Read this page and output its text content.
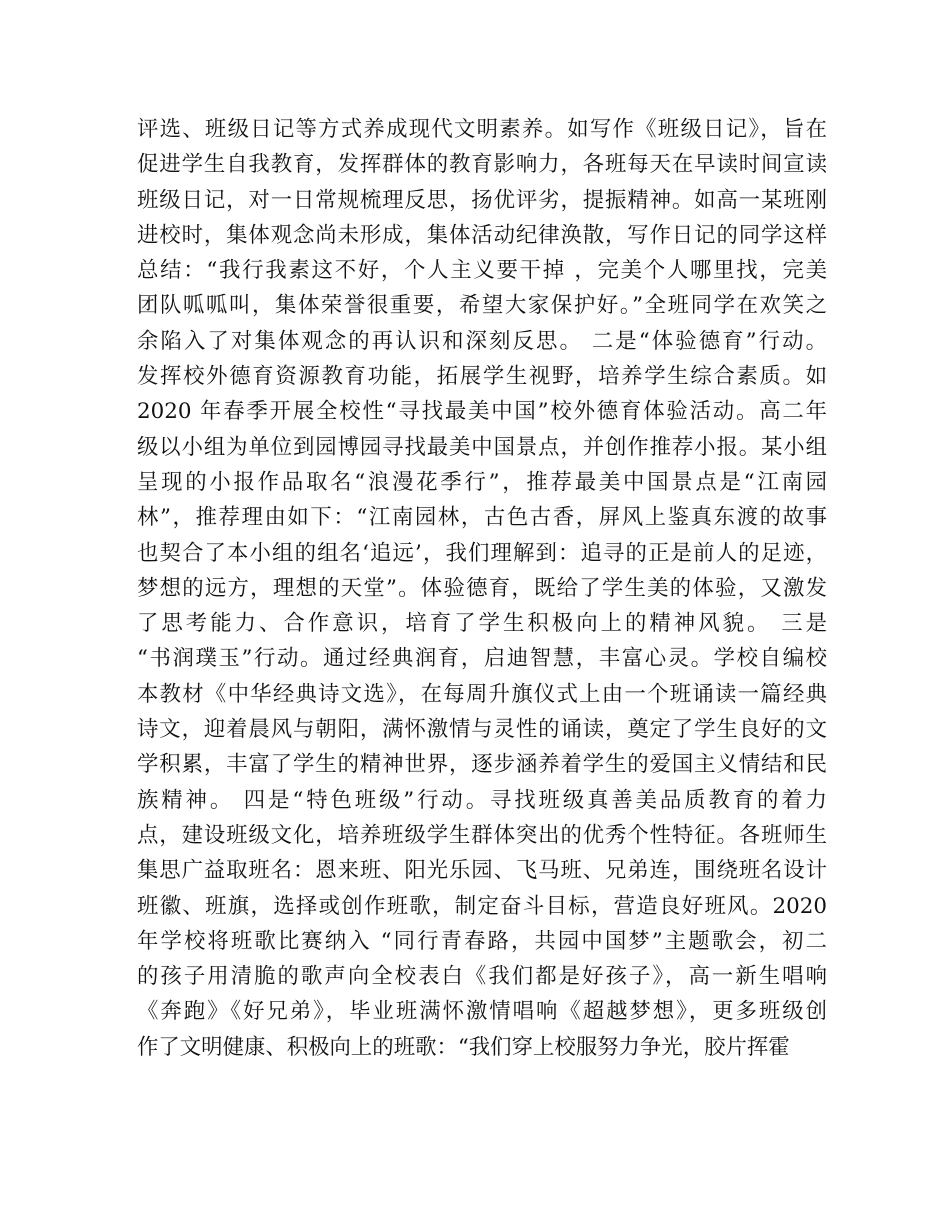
评选、班级日记等方式养成现代文明素养。如写作《班级日记》，旨在
促进学生自我教育，发挥群体的教育影响力，各班每天在早读时间宣读
班级日记，对一日常规梳理反思，扬优评劣，提振精神。如高一某班刚
进校时，集体观念尚未形成，集体活动纪律涣散，写作日记的同学这样
总结：“我行我素这不好，个人主义要干掉 ，完美个人哪里找，完美
团队呱呱叫，集体荣誉很重要，希望大家保护好。”全班同学在欢笑之
余陷入了对集体观念的再认识和深刻反思。 二是“体验德育”行动。
发挥校外德育资源教育功能，拓展学生视野，培养学生综合素质。如
2020 年春季开展全校性“寻找最美中国”校外德育体验活动。高二年
级以小组为单位到园博园寻找最美中国景点，并创作推荐小报。某小组
呈现的小报作品取名“浪漫花季行”，推荐最美中国景点是“江南园
林”，推荐理由如下：“江南园林，古色古香，屏风上鉴真东渡的故事
也契合了本小组的组名‘追远’，我们理解到：追寻的正是前人的足迹，
梦想的远方，理想的天堂”。体验德育，既给了学生美的体验，又激发
了思考能力、合作意识，培育了学生积极向上的精神风貌。 三是
“书润璞玉”行动。通过经典润育，启迪智慧，丰富心灵。学校自编校
本教材《中华经典诗文选》，在每周升旗仪式上由一个班诵读一篇经典
诗文，迎着晨风与朝阳，满怀激情与灵性的诵读，奠定了学生良好的文
学积累，丰富了学生的精神世界，逐步涵养着学生的爱国主义情结和民
族精神。 四是“特色班级”行动。寻找班级真善美品质教育的着力
点，建设班级文化，培养班级学生群体突出的优秀个性特征。各班师生
集思广益取班名：恩来班、阳光乐园、飞马班、兄弟连，围绕班名设计
班徽、班旗，选择或创作班歌，制定奋斗目标，营造良好班风。2020
年学校将班歌比赛纳入 “同行青春路，共园中国梦”主题歌会，初二
的孩子用清脆的歌声向全校表白《我们都是好孩子》，高一新生唱响
《奔跑》《好兄弟》，毕业班满怀激情唱响《超越梦想》，更多班级创
作了文明健康、积极向上的班歌：“我们穿上校服努力争光，胶片挥霍
